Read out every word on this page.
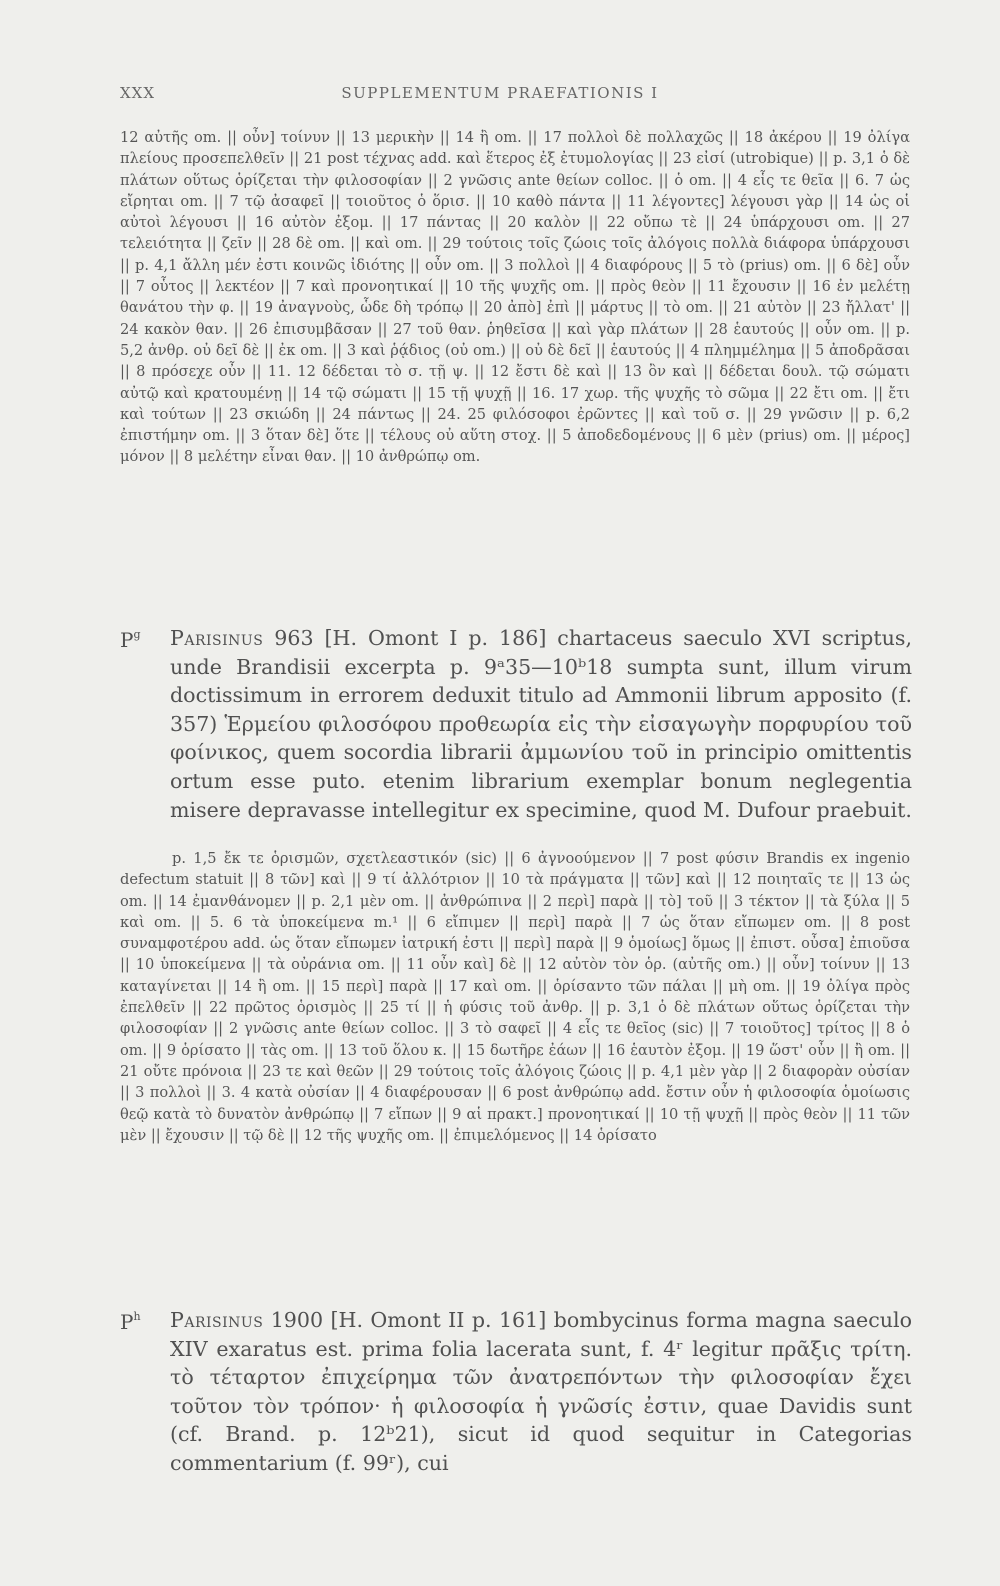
XXX	SUPPLEMENTUM PRAEFATIONIS I

12 αὐτῆς om. || οὖν] τοίνυν || 13 μερικὴν || 14 ἢ om. || 17 πολλοὶ δὲ πολλαχῶς || 18 ἀκέρου || 19 ὀλίγα πλείους προσεπελθεῖν || 21 post τέχνας add. καὶ ἕτερος ἐξ ἐτυμολογίας || 23 εἰσί (utrobique) || p. 3,1 ὁ δὲ πλάτων οὕτως ὁρίζεται τὴν φιλοσοφίαν || 2 γνῶσις ante θείων colloc. || ὁ om. || 4 εἷς τε θεῖα || 6. 7 ὡς εἴρηται om. || 7 τῷ ἀσαφεῖ || τοιοῦτος ὁ ὅρισ. || 10 καθὸ πάντα || 11 λέγοντες] λέγουσι γὰρ || 14 ὡς οἱ αὐτοὶ λέγουσι || 16 αὐτὸν ἐξομ. || 17 πάντας || 20 καλὸν || 22 οὔπω τὲ || 24 ὑπάρχουσι om. || 27 τελειότητα || ζεῖν || 28 δὲ om. || καὶ om. || 29 τούτοις τοῖς ζώοις τοῖς ἀλόγοις πολλὰ διάφορα ὑπάρχουσι || p. 4,1 ἄλλη μέν ἐστι κοινῶς ἰδιότης || οὖν om. || 3 πολλοὶ || 4 διαφόρους || 5 τὸ (prius) om. || 6 δὲ] οὖν || 7 οὗτος || λεκτέον || 7 καὶ προνοητικαί || 10 τῆς ψυχῆς om. || πρὸς θεὸν || 11 ἔχουσιν || 16 ἐν μελέτῃ θανάτου τὴν φ. || 19 ἀναγνοὺς, ὧδε δὴ τρόπῳ || 20 ἀπὸ] ἐπὶ || μάρτυς || τὸ om. || 21 αὐτὸν || 23 ἤλλατ' || 24 κακὸν θαν. || 26 ἐπισυμβᾶσαν || 27 τοῦ θαν. ῥηθεῖσα || καὶ γὰρ πλάτων || 28 ἑαυτούς || οὖν om. || p. 5,2 ἀνθρ. οὐ δεῖ δὲ || ἐκ om. || 3 καὶ ῥᾴδιος (οὐ om.) || οὐ δὲ δεῖ || ἑαυτούς || 4 πλημμέλημα || 5 ἀποδρᾶσαι || 8 πρόσεχε οὖν || 11. 12 δέδεται τὸ σ. τῇ ψ. || 12 ἔστι δὲ καὶ || 13 ὂν καὶ || δέδεται δουλ. τῷ σώματι αὐτῷ καὶ κρατουμένῃ || 14 τῷ σώματι || 15 τῇ ψυχῇ || 16. 17 χωρ. τῆς ψυχῆς τὸ σῶμα || 22 ἔτι om. || ἔτι καὶ τούτων || 23 σκιώδη || 24 πάντως || 24. 25 φιλόσοφοι ἐρῶντες || καὶ τοῦ σ. || 29 γνῶσιν || p. 6,2 ἐπιστήμην om. || 3 ὅταν δὲ] ὅτε || τέλους οὐ αὕτη στοχ. || 5 ἀποδεδομένους || 6 μὲν (prius) om. || μέρος] μόνον || 8 μελέτην εἶναι θαν. || 10 ἀνθρώπῳ om.

$P^g$ Parisinus 963 [H. Omont I p. 186] chartaceus saeculo XVI scriptus, unde Brandisii excerpta p. 9ᵃ35—10ᵇ18 sumpta sunt, illum virum doctissimum in errorem deduxit titulo ad Ammonii librum apposito (f. 357) Ἑρμείου φιλοσόφου προθεωρία εἰς τὴν εἰσαγωγὴν πορφυρίου τοῦ φοίνικος, quem socordia librarii ἀμμωνίου τοῦ in principio omittentis ortum esse puto. etenim librarium exemplar bonum neglegentia misere depravasse intellegitur ex specimine, quod M. Dufour praebuit.

p. 1,5 ἔκ τε ὁρισμῶν, σχετλεαστικόν (sic) || 6 ἀγνοούμενον || 7 post φύσιν Brandis ex ingenio defectum statuit || 8 τῶν] καὶ || 9 τί ἀλλότριον || 10 τὰ πράγματα || τῶν] καὶ || 12 ποιηταῖς τε || 13 ὡς om. || 14 ἐμανθάνομεν || p. 2,1 μὲν om. || ἀνθρώπινα || 2 περὶ] παρὰ || τὸ] τοῦ || 3 τέκτον || τὰ ξύλα || 5 καὶ om. || 5. 6 τὰ ὑποκείμενα m.¹ || 6 εἴπιμεν || περὶ] παρὰ || 7 ὡς ὅταν εἴπωμεν om. || 8 post συναμφοτέρου add. ὡς ὅταν εἴπωμεν ἰατρική ἐστι || περὶ] παρὰ || 9 ὁμοίως] ὅμως || ἐπιστ. οὖσα] ἐπιοῦσα || 10 ὑποκείμενα || τὰ οὐράνια om. || 11 οὖν καὶ] δὲ || 12 αὐτὸν τὸν ὁρ. (αὐτῆς om.) || οὖν] τοίνυν || 13 καταγίνεται || 14 ἢ om. || 15 περὶ] παρὰ || 17 καὶ om. || ὁρίσαντο τῶν πάλαι || μὴ om. || 19 ὀλίγα πρὸς ἐπελθεῖν || 22 πρῶτος ὁρισμὸς || 25 τί || ἡ φύσις τοῦ ἀνθρ. || p. 3,1 ὁ δὲ πλάτων οὕτως ὁρίζεται τὴν φιλοσοφίαν || 2 γνῶσις ante θείων colloc. || 3 τὸ σαφεῖ || 4 εἷς τε θεῖος (sic) || 7 τοιοῦτος] τρίτος || 8 ὁ om. || 9 ὁρίσατο || τὰς om. || 13 τοῦ ὅλου κ. || 15 δωτῆρε ἐάων || 16 ἑαυτὸν ἐξομ. || 19 ὥστ' οὖν || ἢ om. || 21 οὔτε πρόνοια || 23 τε καὶ θεῶν || 29 τούτοις τοῖς ἀλόγοις ζώοις || p. 4,1 μὲν γὰρ || 2 διαφορὰν οὐσίαν || 3 πολλοὶ || 3. 4 κατὰ οὐσίαν || 4 διαφέρουσαν || 6 post ἀνθρώπῳ add. ἔστιν οὖν ἡ φιλοσοφία ὁμοίωσις θεῷ κατὰ τὸ δυνατὸν ἀνθρώπῳ || 7 εἴπων || 9 αἱ πρακτ.] προνοητικαί || 10 τῇ ψυχῇ || πρὸς θεὸν || 11 τῶν μὲν || ἔχουσιν || τῷ δὲ || 12 τῆς ψυχῆς om. || ἐπιμελόμενος || 14 ὁρίσατο

$P^h$ Parisinus 1900 [H. Omont II p. 161] bombycinus forma magna saeculo XIV exaratus est. prima folia lacerata sunt, f. 4ʳ legitur πρᾶξις τρίτη. τὸ τέταρτον ἐπιχείρημα τῶν ἀνατρεπόντων τὴν φιλοσοφίαν ἔχει τοῦτον τὸν τρόπον· ἡ φιλοσοφία ἡ γνῶσίς ἐστιν, quae Davidis sunt (cf. Brand. p. 12ᵇ21), sicut id quod sequitur in Categorias commentarium (f. 99ʳ), cui
